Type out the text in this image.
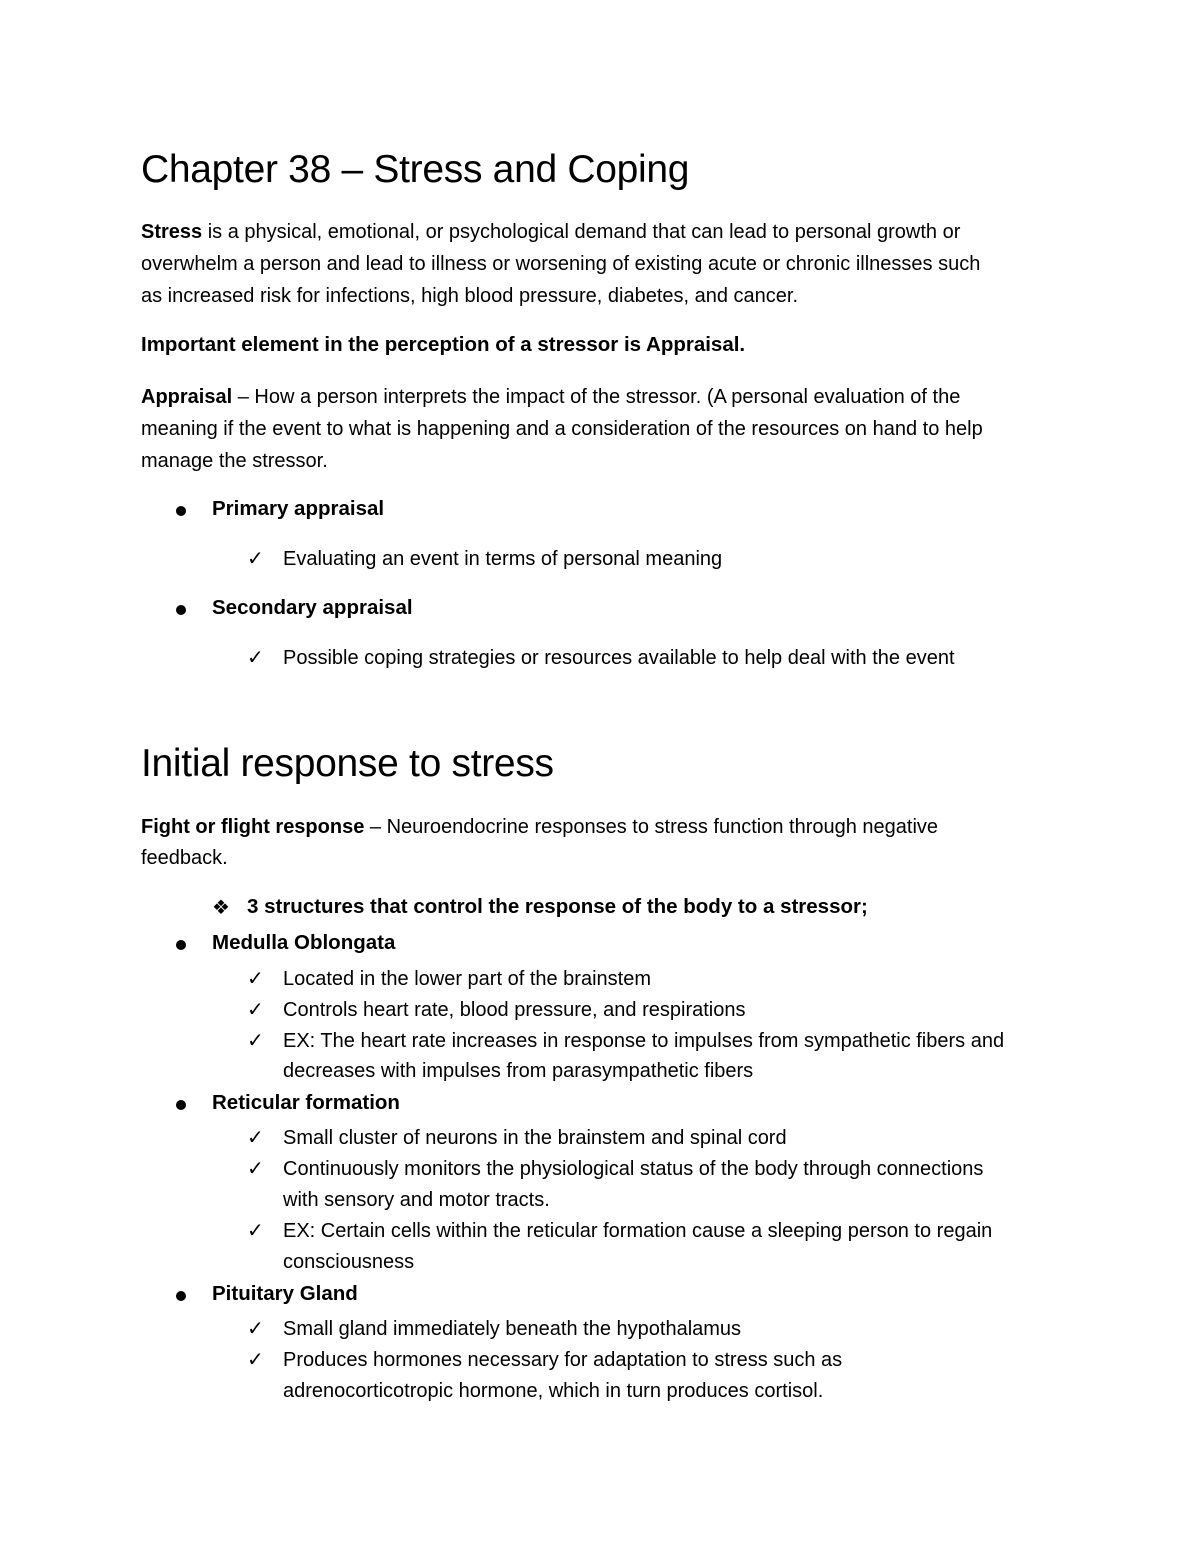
Chapter 38 – Stress and Coping
Stress is a physical, emotional, or psychological demand that can lead to personal growth or
overwhelm a person and lead to illness or worsening of existing acute or chronic illnesses such
as increased risk for infections, high blood pressure, diabetes, and cancer.
Important element in the perception of a stressor is Appraisal.
Appraisal – How a person interprets the impact of the stressor. (A personal evaluation of the
meaning if the event to what is happening and a consideration of the resources on hand to help
manage the stressor.
Primary appraisal
✓ Evaluating an event in terms of personal meaning
Secondary appraisal
✓ Possible coping strategies or resources available to help deal with the event
Initial response to stress
Fight or flight response – Neuroendocrine responses to stress function through negative
feedback.
❖ 3 structures that control the response of the body to a stressor;
Medulla Oblongata
✓ Located in the lower part of the brainstem
✓ Controls heart rate, blood pressure, and respirations
✓ EX: The heart rate increases in response to impulses from sympathetic fibers and
decreases with impulses from parasympathetic fibers
Reticular formation
✓ Small cluster of neurons in the brainstem and spinal cord
✓ Continuously monitors the physiological status of the body through connections
with sensory and motor tracts.
✓ EX: Certain cells within the reticular formation cause a sleeping person to regain
consciousness
Pituitary Gland
✓ Small gland immediately beneath the hypothalamus
✓ Produces hormones necessary for adaptation to stress such as
adrenocorticotropic hormone, which in turn produces cortisol.
